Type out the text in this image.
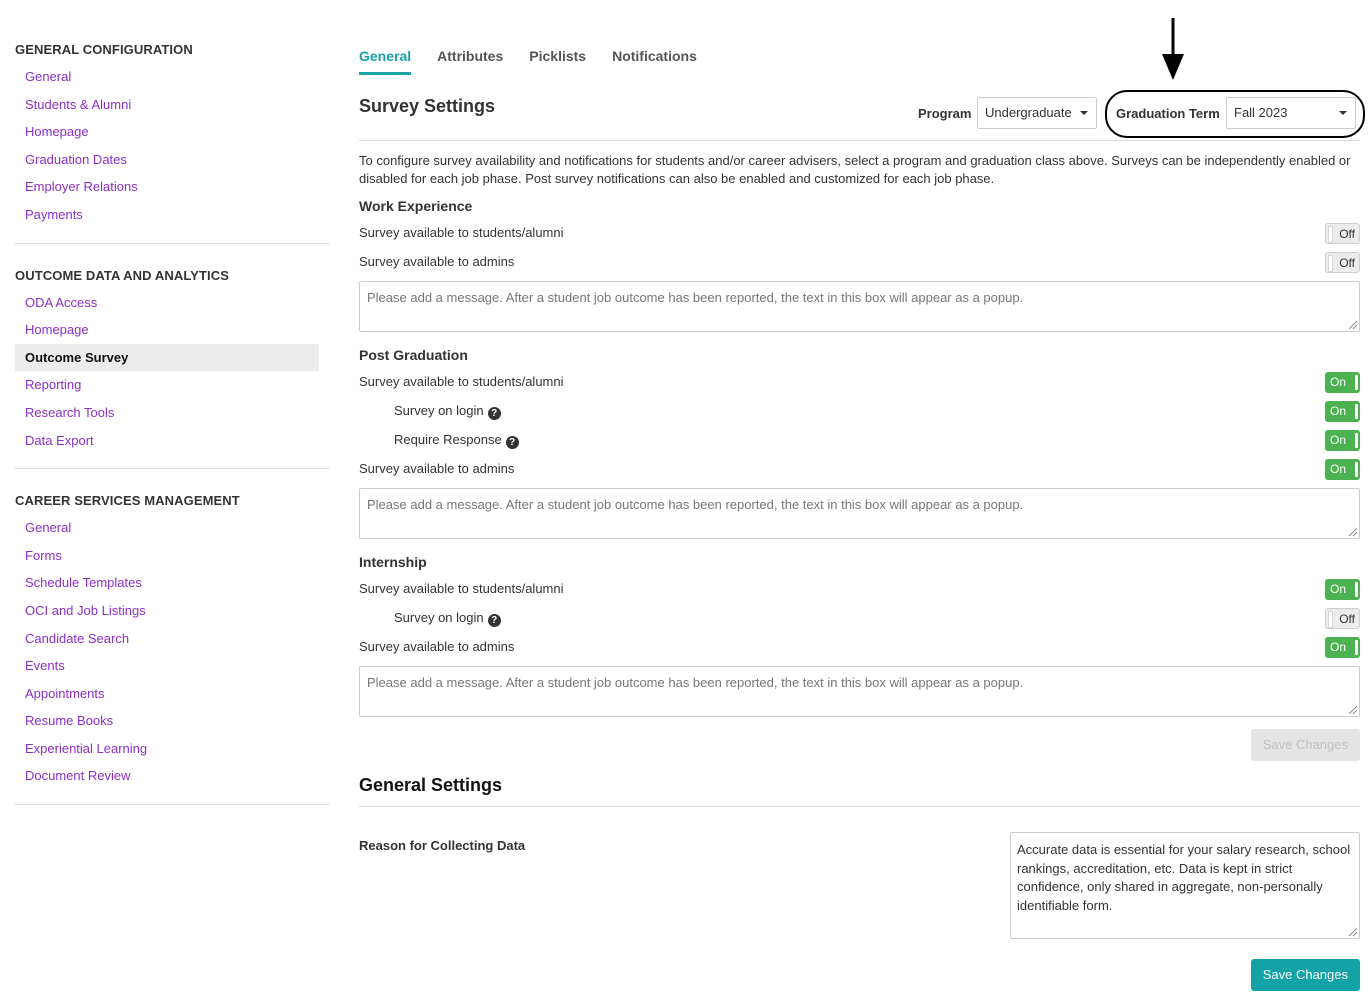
GENERAL CONFIGURATION
General
Students & Alumni
Homepage
Graduation Dates
Employer Relations
Payments
OUTCOME DATA AND ANALYTICS
ODA Access
Homepage
Outcome Survey
Reporting
Research Tools
Data Export
CAREER SERVICES MANAGEMENT
General
Forms
Schedule Templates
OCI and Job Listings
Candidate Search
Events
Appointments
Resume Books
Experiential Learning
Document Review
General Attributes Picklists Notifications
Survey Settings	Program	Undergraduate	Graduation Term	Fall 2023
To configure survey availability and notifications for students and/or career advisers, select a program and graduation class above. Surveys can be independently enabled or disabled for each job phase. Post survey notifications can also be enabled and customized for each job phase.
Work Experience
Survey available to students/alumni	Off
Survey available to admins	Off
Please add a message. After a student job outcome has been reported, the text in this box will appear as a popup.
Post Graduation
Survey available to students/alumni	On
Survey on login ?	On
Require Response ?	On
Survey available to admins	On
Please add a message. After a student job outcome has been reported, the text in this box will appear as a popup.
Internship
Survey available to students/alumni	On
Survey on login ?	Off
Survey available to admins	On
Please add a message. After a student job outcome has been reported, the text in this box will appear as a popup.
Save Changes
General Settings
Reason for Collecting Data	Accurate data is essential for your salary research, school rankings, accreditation, etc. Data is kept in strict confidence, only shared in aggregate, non-personally identifiable form.
Save Changes
